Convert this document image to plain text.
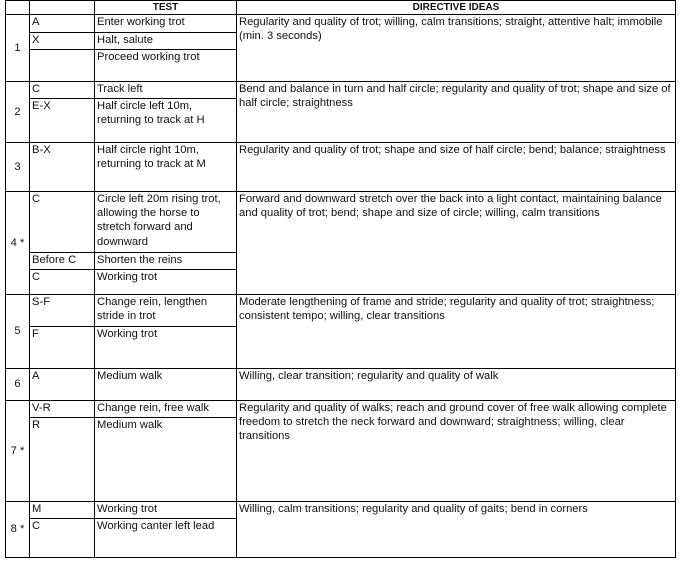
		TEST	DIRECTIVE IDEAS
1	A	Enter working trot	Regularity and quality of trot; willing, calm transitions; straight, attentive halt; immobile (min. 3 seconds)
	X	Halt, salute	
		Proceed working trot	
2	C	Track left	Bend and balance in turn and half circle; regularity and quality of trot; shape and size of half circle; straightness
	E-X	Half circle left 10m, returning to track at H	
3	B-X	Half circle right 10m, returning to track at M	Regularity and quality of trot; shape and size of half circle; bend; balance; straightness
4 *	C	Circle left 20m rising trot, allowing the horse to stretch forward and downward	Forward and downward stretch over the back into a light contact, maintaining balance and quality of trot; bend; shape and size of circle; willing, calm transitions
	Before C	Shorten the reins	
	C	Working trot	
5	S-F	Change rein, lengthen stride in trot	Moderate lengthening of frame and stride; regularity and quality of trot; straightness; consistent tempo; willing, clear transitions
	F	Working trot	
6	A	Medium walk	Willing, clear transition; regularity and quality of walk
7 *	V-R	Change rein, free walk	Regularity and quality of walks; reach and ground cover of free walk allowing complete freedom to stretch the neck forward and downward; straightness; willing, clear transitions
	R	Medium walk	
8 *	M	Working trot	Willing, calm transitions; regularity and quality of gaits; bend in corners
	C	Working canter left lead	
